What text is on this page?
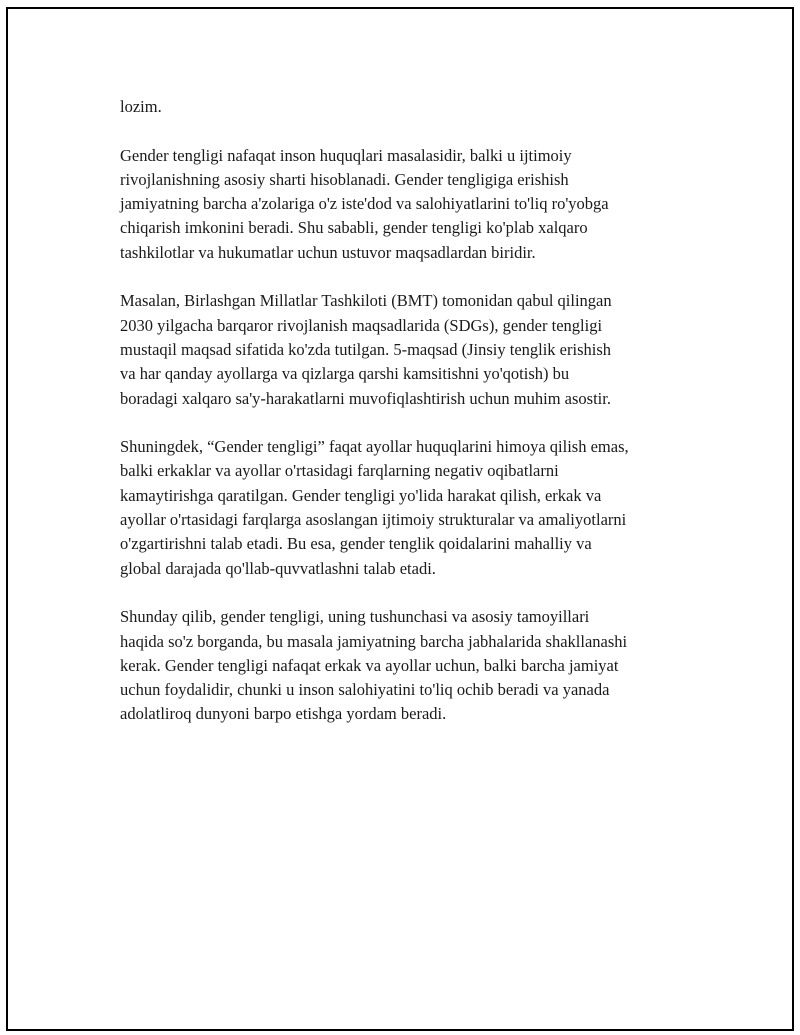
lozim.

Gender tengligi nafaqat inson huquqlari masalasidir, balki u ijtimoiy
rivojlanishning asosiy sharti hisoblanadi. Gender tengligiga erishish
jamiyatning barcha a'zolariga o'z iste'dod va salohiyatlarini to'liq ro'yobga
chiqarish imkonini beradi. Shu sababli, gender tengligi ko'plab xalqaro
tashkilotlar va hukumatlar uchun ustuvor maqsadlardan biridir.

Masalan, Birlashgan Millatlar Tashkiloti (BMT) tomonidan qabul qilingan
2030 yilgacha barqaror rivojlanish maqsadlarida (SDGs), gender tengligi
mustaqil maqsad sifatida ko'zda tutilgan. 5-maqsad (Jinsiy tenglik erishish
va har qanday ayollarga va qizlarga qarshi kamsitishni yo'qotish) bu
boradagi xalqaro sa'y-harakatlarni muvofiqlashtirish uchun muhim asostir.

Shuningdek, “Gender tengligi” faqat ayollar huquqlarini himoya qilish emas,
balki erkaklar va ayollar o'rtasidagi farqlarning negativ oqibatlarni
kamaytirishga qaratilgan. Gender tengligi yo'lida harakat qilish, erkak va
ayollar o'rtasidagi farqlarga asoslangan ijtimoiy strukturalar va amaliyotlarni
o'zgartirishni talab etadi. Bu esa, gender tenglik qoidalarini mahalliy va
global darajada qo'llab-quvvatlashni talab etadi.

Shunday qilib, gender tengligi, uning tushunchasi va asosiy tamoyillari
haqida so'z borganda, bu masala jamiyatning barcha jabhalarida shakllanashi
kerak. Gender tengligi nafaqat erkak va ayollar uchun, balki barcha jamiyat
uchun foydalidir, chunki u inson salohiyatini to'liq ochib beradi va yanada
adolatliroq dunyoni barpo etishga yordam beradi.
